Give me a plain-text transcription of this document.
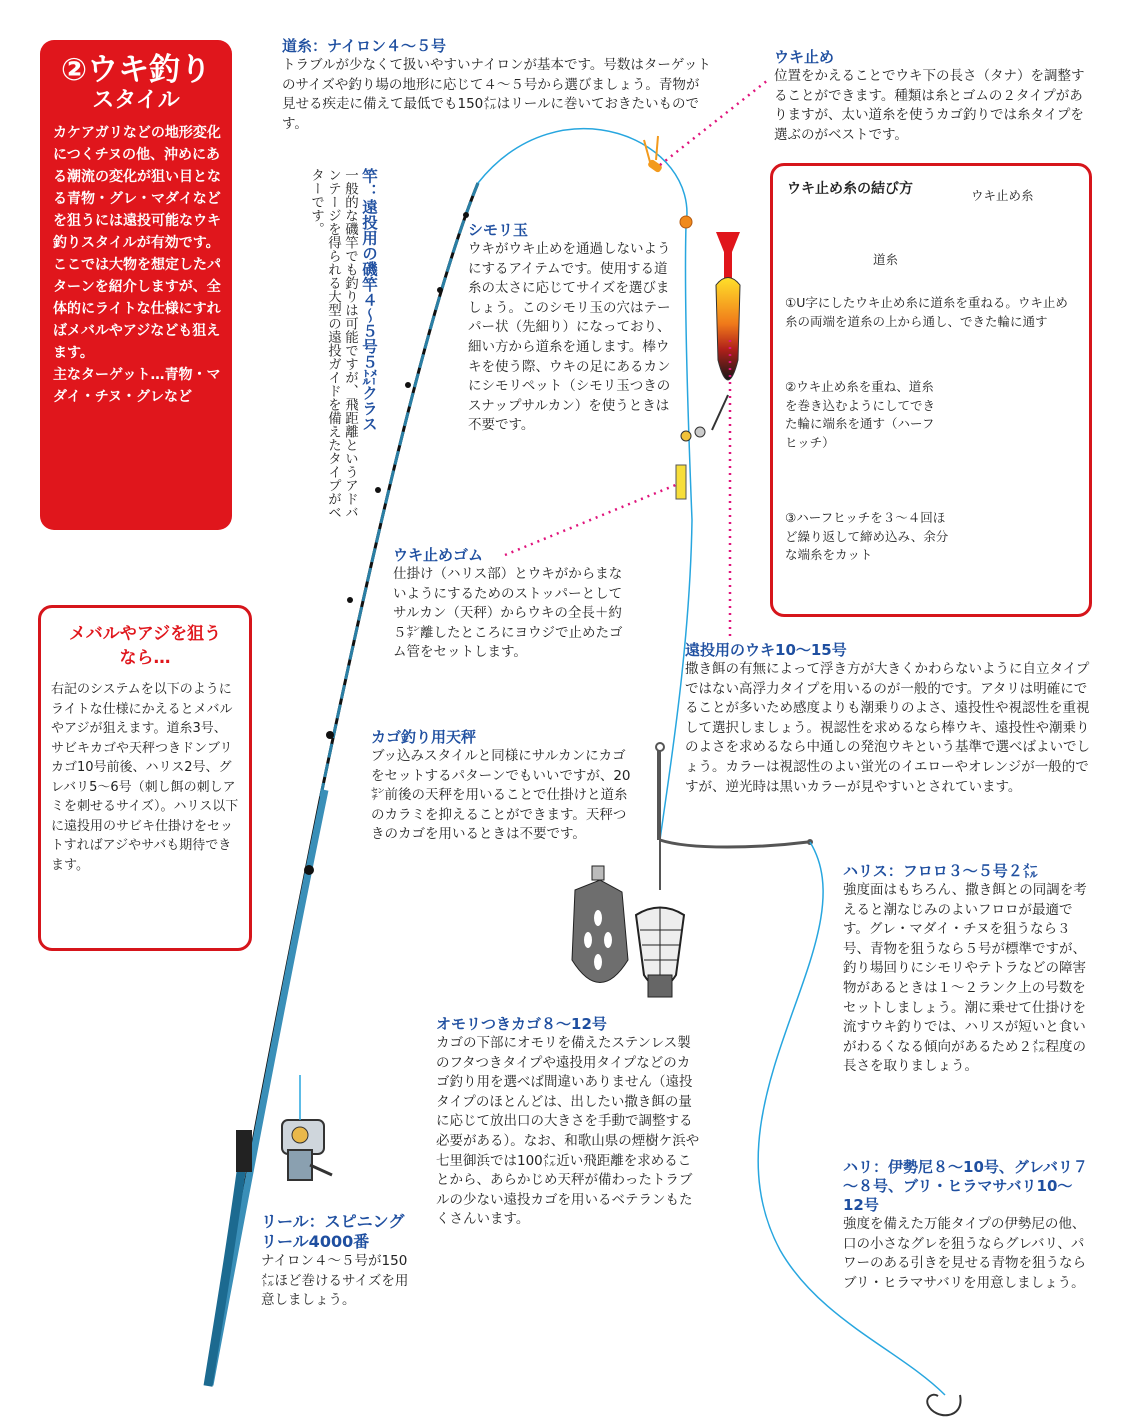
②ウキ釣り
スタイル
カケアガリなどの地形変化につくチヌの他、沖めにある潮流の変化が狙い目となる青物・グレ・マダイなどを狙うには遠投可能なウキ釣りスタイルが有効です。ここでは大物を想定したパターンを紹介しますが、全体的にライトな仕様にすればメバルやアジなども狙えます。
主なターゲット…青物・マダイ・チヌ・グレなど
メバルやアジを狙うなら…
右記のシステムを以下のようにライトな仕様にかえるとメバルやアジが狙えます。道糸3号、サビキカゴや天秤つきドンブリカゴ10号前後、ハリス2号、グレバリ5～6号（刺し餌の刺しアミを刺せるサイズ）。ハリス以下に遠投用のサビキ仕掛けをセットすればアジやサバも期待できます。
道糸：ナイロン４～５号
トラブルが少なくて扱いやすいナイロンが基本です。号数はターゲットのサイズや釣り場の地形に応じて４～５号から選びましょう。青物が見せる疾走に備えて最低でも150㍍はリールに巻いておきたいものです。
竿：遠投用の磯竿４～５号５㍍クラス
一般的な磯竿でも釣りは可能ですが、飛距離というアドバンテージを得られる大型の遠投ガイドを備えたタイプがベターです。	シモリ玉
ウキがウキ止めを通過しないようにするアイテムです。使用する道糸の太さに応じてサイズを選びましょう。このシモリ玉の穴はテーパー状（先細り）になっており、細い方から道糸を通します。棒ウキを使う際、ウキの足にあるカンにシモリペット（シモリ玉つきのスナップサルカン）を使うときは不要です。
ウキ止め
位置をかえることでウキ下の長さ（タナ）を調整することができます。種類は糸とゴムの２タイプがありますが、太い道糸を使うカゴ釣りでは糸タイプを選ぶのがベストです。
ウキ止め糸の結び方	ウキ止め糸
道糸
①U字にしたウキ止め糸に道糸を重ねる。ウキ止め糸の両端を道糸の上から通し、できた輪に通す
②ウキ止め糸を重ね、道糸を巻き込むようにしてできた輪に端糸を通す（ハーフヒッチ）
③ハーフヒッチを３～４回ほど繰り返して締め込み、余分な端糸をカット
ウキ止めゴム
仕掛け（ハリス部）とウキがからまないようにするためのストッパーとしてサルカン（天秤）からウキの全長＋約５㌢離したところにヨウジで止めたゴム管をセットします。	遠投用のウキ10～15号
撒き餌の有無によって浮き方が大きくかわらないように自立タイプではない高浮力タイプを用いるのが一般的です。アタリは明確にでることが多いため感度よりも潮乗りのよさ、遠投性や視認性を重視して選択しましょう。視認性を求めるなら棒ウキ、遠投性や潮乗りのよさを求めるなら中通しの発泡ウキという基準で選べばよいでしょう。カラーは視認性のよい蛍光のイエローやオレンジが一般的ですが、逆光時は黒いカラーが見やすいとされています。
カゴ釣り用天秤
ブッ込みスタイルと同様にサルカンにカゴをセットするパターンでもいいですが、20㌢前後の天秤を用いることで仕掛けと道糸のカラミを抑えることができます。天秤つきのカゴを用いるときは不要です。
ハリス：フロロ３～５号２㍍
強度面はもちろん、撒き餌との同調を考えると潮なじみのよいフロロが最適です。グレ・マダイ・チヌを狙うなら３号、青物を狙うなら５号が標準ですが、釣り場回りにシモリやテトラなどの障害物があるときは１～２ランク上の号数をセットしましょう。潮に乗せて仕掛けを流すウキ釣りでは、ハリスが短いと食いがわるくなる傾向があるため２㍍程度の長さを取りましょう。
オモリつきカゴ８～12号
カゴの下部にオモリを備えたステンレス製のフタつきタイプや遠投用タイプなどのカゴ釣り用を選べば間違いありません（遠投タイプのほとんどは、出したい撒き餌の量に応じて放出口の大きさを手動で調整する必要がある）。なお、和歌山県の煙樹ケ浜や七里御浜では100㍍近い飛距離を求めることから、あらかじめ天秤が備わったトラブルの少ない遠投カゴを用いるベテランもたくさんいます。
ハリ：伊勢尼８～10号、グレバリ７～８号、ブリ・ヒラマサバリ10～12号
強度を備えた万能タイプの伊勢尼の他、口の小さなグレを狙うならグレバリ、パワーのある引きを見せる青物を狙うならブリ・ヒラマサバリを用意しましょう。
リール：スピニングリール4000番
ナイロン４～５号が150㍍ほど巻けるサイズを用意しましょう。
